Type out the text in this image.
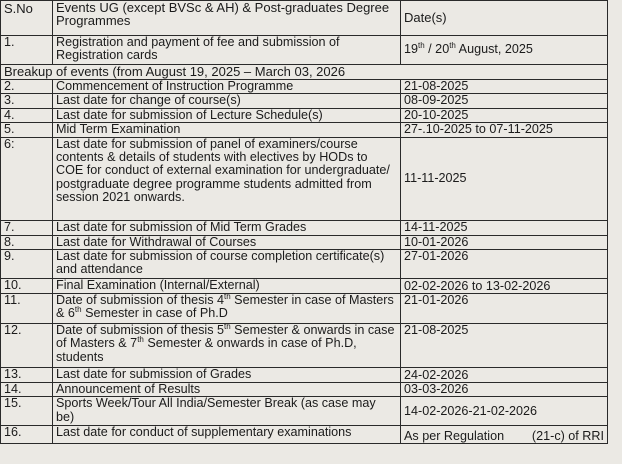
S.No	Events UG (except BVSc & AH) & Post-graduates Degree Programmes	Date(s)
1.	Registration and payment of fee and submission of Registration cards	19th / 20th August, 2025
Breakup of events (from August 19, 2025 – March 03, 2026		
2.	Commencement of Instruction Programme	21-08-2025
3.	Last date for change of course(s)	08-09-2025
4.	Last date for submission of Lecture Schedule(s)	20-10-2025
5.	Mid Term Examination	27-.10-2025 to 07-11-2025
6:	Last date for submission of panel of examiners/course contents & details of students with electives by HODs to COE for conduct of external examination for undergraduate/ postgraduate degree programme students admitted from session 2021 onwards.	11-11-2025
7.	Last date for submission of Mid Term Grades	14-11-2025
8.	Last date for Withdrawal of Courses	10-01-2026
9.	Last date for submission of course completion certificate(s) and attendance	27-01-2026
10.	Final Examination (Internal/External)	02-02-2026 to 13-02-2026
11.	Date of submission of thesis 4th Semester in case of Masters & 6th Semester in case of Ph.D	21-01-2026
12.	Date of submission of thesis 5th Semester & onwards in case of Masters & 7th Semester & onwards in case of Ph.D, students	21-08-2025
13.	Last date for submission of Grades	24-02-2026
14.	Announcement of Results	03-03-2026
15.	Sports Week/Tour All India/Semester Break (as case may be)	14-02-2026-21-02-2026
16.	Last date for conduct of supplementary examinations	As per Regulation (21-c) of RRI
